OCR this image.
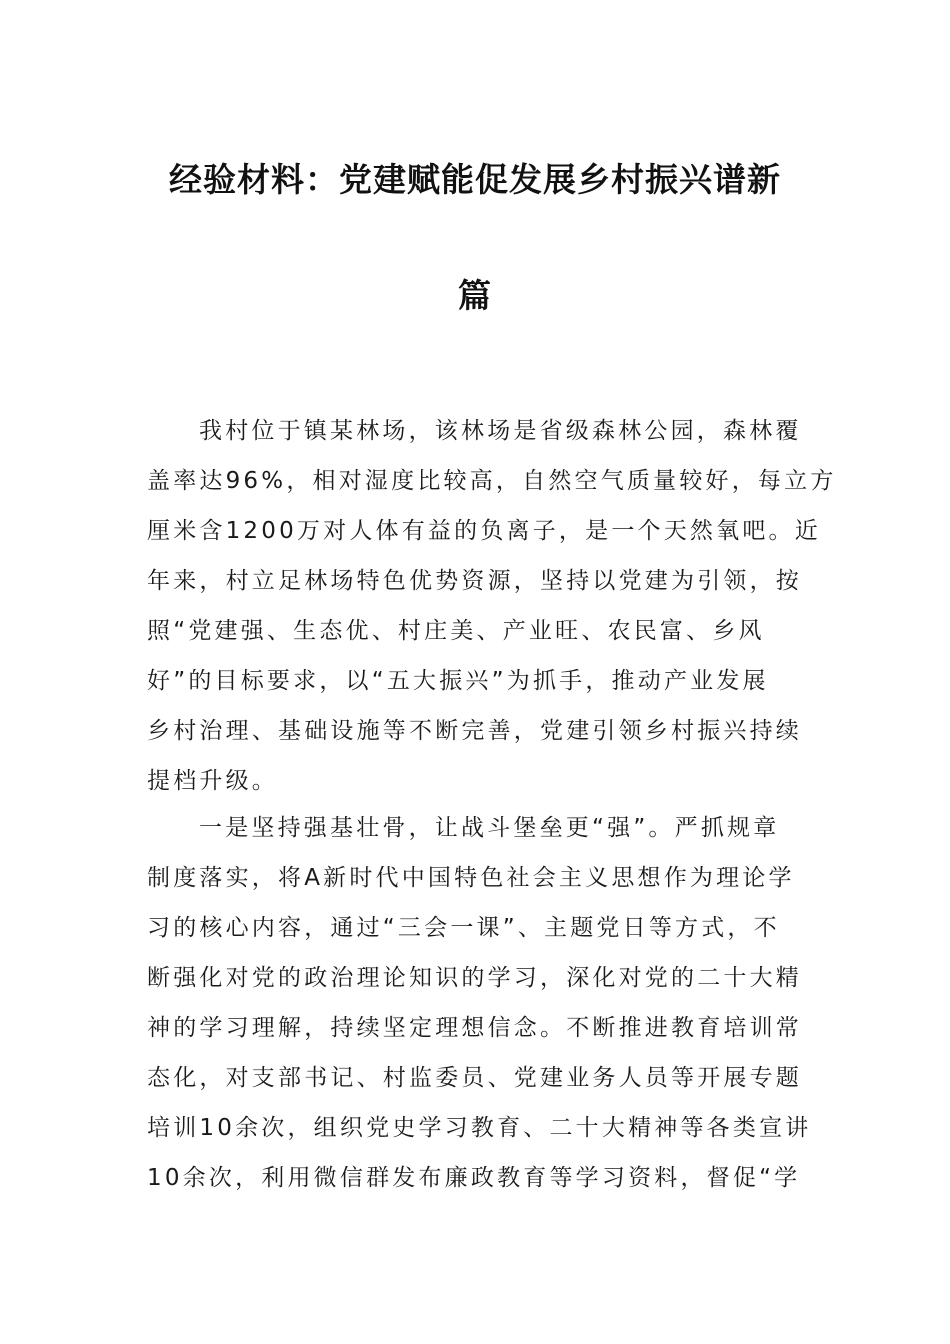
经验材料：党建赋能促发展乡村振兴谱新
篇
我村位于镇某林场，该林场是省级森林公园，森林覆
盖率达96%，相对湿度比较高，自然空气质量较好，每立方
厘米含1200万对人体有益的负离子，是一个天然氧吧。近
年来，村立足林场特色优势资源，坚持以党建为引领，按
照“党建强、生态优、村庄美、产业旺、农民富、乡风
好”的目标要求，以“五大振兴”为抓手，推动产业发展
乡村治理、基础设施等不断完善，党建引领乡村振兴持续
提档升级。
一是坚持强基壮骨，让战斗堡垒更“强”。严抓规章
制度落实，将A新时代中国特色社会主义思想作为理论学
习的核心内容，通过“三会一课”、主题党日等方式，不
断强化对党的政治理论知识的学习，深化对党的二十大精
神的学习理解，持续坚定理想信念。不断推进教育培训常
态化，对支部书记、村监委员、党建业务人员等开展专题
培训10余次，组织党史学习教育、二十大精神等各类宣讲
10余次，利用微信群发布廉政教育等学习资料，督促“学
